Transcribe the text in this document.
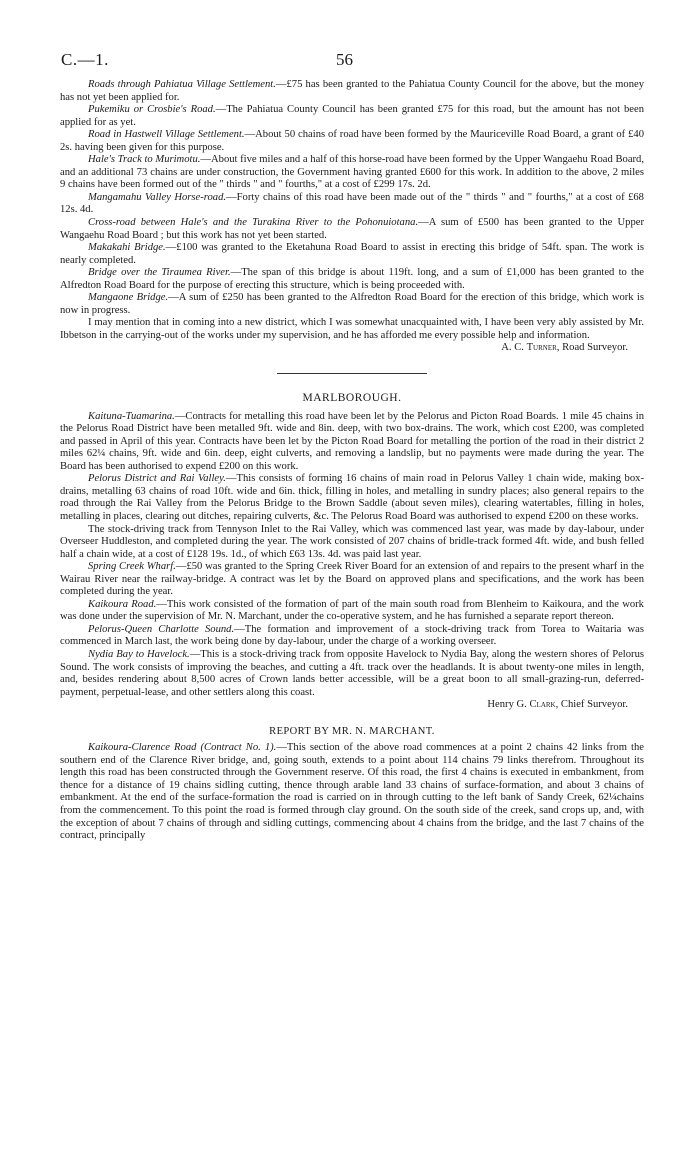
C.—1.	56

Roads through Pahiatua Village Settlement.—£75 has been granted to the Pahiatua County Council for the above, but the money has not yet been applied for.

Pukemiku or Crosbie's Road.—The Pahiatua County Council has been granted £75 for this road, but the amount has not been applied for as yet.

Road in Hastwell Village Settlement.—About 50 chains of road have been formed by the Mauriceville Road Board, a grant of £40 2s. having been given for this purpose.

Hale's Track to Murimotu.—About five miles and a half of this horse-road have been formed by the Upper Wangaehu Road Board, and an additional 73 chains are under construction, the Government having granted £600 for this work. In addition to the above, 2 miles 9 chains have been formed out of the " thirds " and " fourths," at a cost of £299 17s. 2d.

Mangamahu Valley Horse-road.—Forty chains of this road have been made out of the " thirds " and " fourths," at a cost of £68 12s. 4d.

Cross-road between Hale's and the Turakina River to the Pohonuiotana.—A sum of £500 has been granted to the Upper Wangaehu Road Board ; but this work has not yet been started.

Makakahi Bridge.—£100 was granted to the Eketahuna Road Board to assist in erecting this bridge of 54ft. span. The work is nearly completed.

Bridge over the Tiraumea River.—The span of this bridge is about 119ft. long, and a sum of £1,000 has been granted to the Alfredton Road Board for the purpose of erecting this structure, which is being proceeded with.

Mangaone Bridge.—A sum of £250 has been granted to the Alfredton Road Board for the erection of this bridge, which work is now in progress.

I may mention that in coming into a new district, which I was somewhat unacquainted with, I have been very ably assisted by Mr. Ibbetson in the carrying-out of the works under my supervision, and he has afforded me every possible help and information.

A. C. Turner, Road Surveyor.

MARLBOROUGH.

Kaituna-Tuamarina.—Contracts for metalling this road have been let by the Pelorus and Picton Road Boards. 1 mile 45 chains in the Pelorus Road District have been metalled 9ft. wide and 8in. deep, with two box-drains. The work, which cost £200, was completed and passed in April of this year. Contracts have been let by the Picton Road Board for metalling the portion of the road in their district 2 miles 62¼ chains, 9ft. wide and 6in. deep, eight culverts, and removing a landslip, but no payments were made during the year. The Board has been authorised to expend £200 on this work.

Pelorus District and Rai Valley.—This consists of forming 16 chains of main road in Pelorus Valley 1 chain wide, making box-drains, metalling 63 chains of road 10ft. wide and 6in. thick, filling in holes, and metalling in sundry places; also general repairs to the road through the Rai Valley from the Pelorus Bridge to the Brown Saddle (about seven miles), clearing watertables, filling in holes, metalling in places, clearing out ditches, repairing culverts, &c. The Pelorus Road Board was authorised to expend £200 on these works.

The stock-driving track from Tennyson Inlet to the Rai Valley, which was commenced last year, was made by day-labour, under Overseer Huddleston, and completed during the year. The work consisted of 207 chains of bridle-track formed 4ft. wide, and bush felled half a chain wide, at a cost of £128 19s. 1d., of which £63 13s. 4d. was paid last year.

Spring Creek Wharf.—£50 was granted to the Spring Creek River Board for an extension of and repairs to the present wharf in the Wairau River near the railway-bridge. A contract was let by the Board on approved plans and specifications, and the work has been completed during the year.

Kaikoura Road.—This work consisted of the formation of part of the main south road from Blenheim to Kaikoura, and the work was done under the supervision of Mr. N. Marchant, under the co-operative system, and he has furnished a separate report thereon.

Pelorus-Queen Charlotte Sound.—The formation and improvement of a stock-driving track from Torea to Waitaria was commenced in March last, the work being done by day-labour, under the charge of a working overseer.

Nydia Bay to Havelock.—This is a stock-driving track from opposite Havelock to Nydia Bay, along the western shores of Pelorus Sound. The work consists of improving the beaches, and cutting a 4ft. track over the headlands. It is about twenty-one miles in length, and, besides rendering about 8,500 acres of Crown lands better accessible, will be a great boon to all small-grazing-run, deferred-payment, perpetual-lease, and other settlers along this coast.

Henry G. Clark, Chief Surveyor.

REPORT BY MR. N. MARCHANT.

Kaikoura-Clarence Road (Contract No. 1).—This section of the above road commences at a point 2 chains 42 links from the southern end of the Clarence River bridge, and, going south, extends to a point about 114 chains 79 links therefrom. Throughout its length this road has been constructed through the Government reserve. Of this road, the first 4 chains is executed in embankment, from thence for a distance of 19 chains sidling cutting, thence through arable land 33 chains of surface-formation, and about 3 chains of embankment. At the end of the surface-formation the road is carried on in through cutting to the left bank of Sandy Creek, 62¼chains from the commencement. To this point the road is formed through clay ground. On the south side of the creek, sand crops up, and, with the exception of about 7 chains of through and sidling cuttings, commencing about 4 chains from the bridge, and the last 7 chains of the contract, principally
